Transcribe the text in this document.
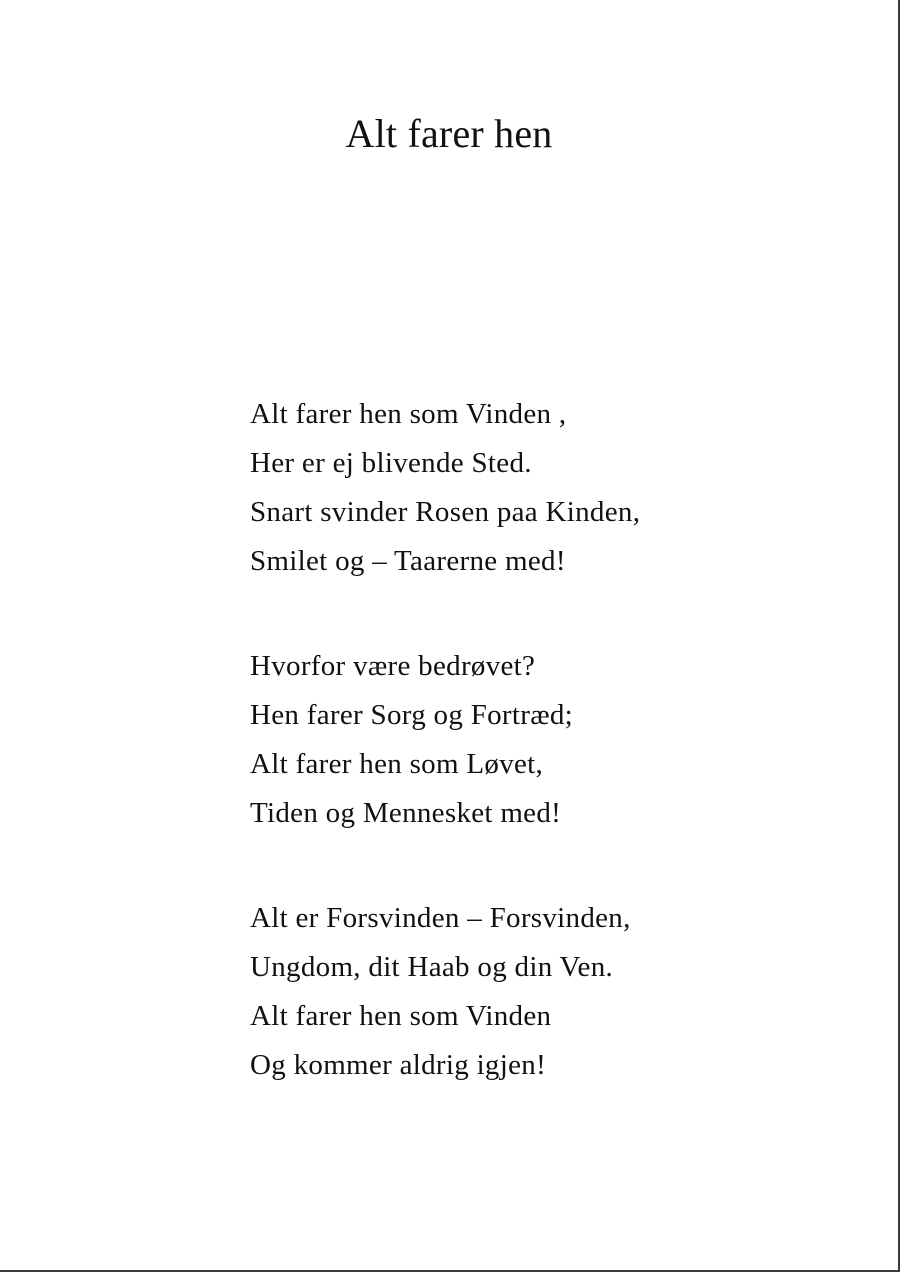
Alt farer hen
Alt farer hen som Vinden ,
Her er ej blivende Sted.
Snart svinder Rosen paa Kinden,
Smilet og – Taarerne med!
Hvorfor være bedrøvet?
Hen farer Sorg og Fortræd;
Alt farer hen som Løvet,
Tiden og Mennesket med!
Alt er Forsvinden – Forsvinden,
Ungdom, dit Haab og din Ven.
Alt farer hen som Vinden
Og kommer aldrig igjen!
